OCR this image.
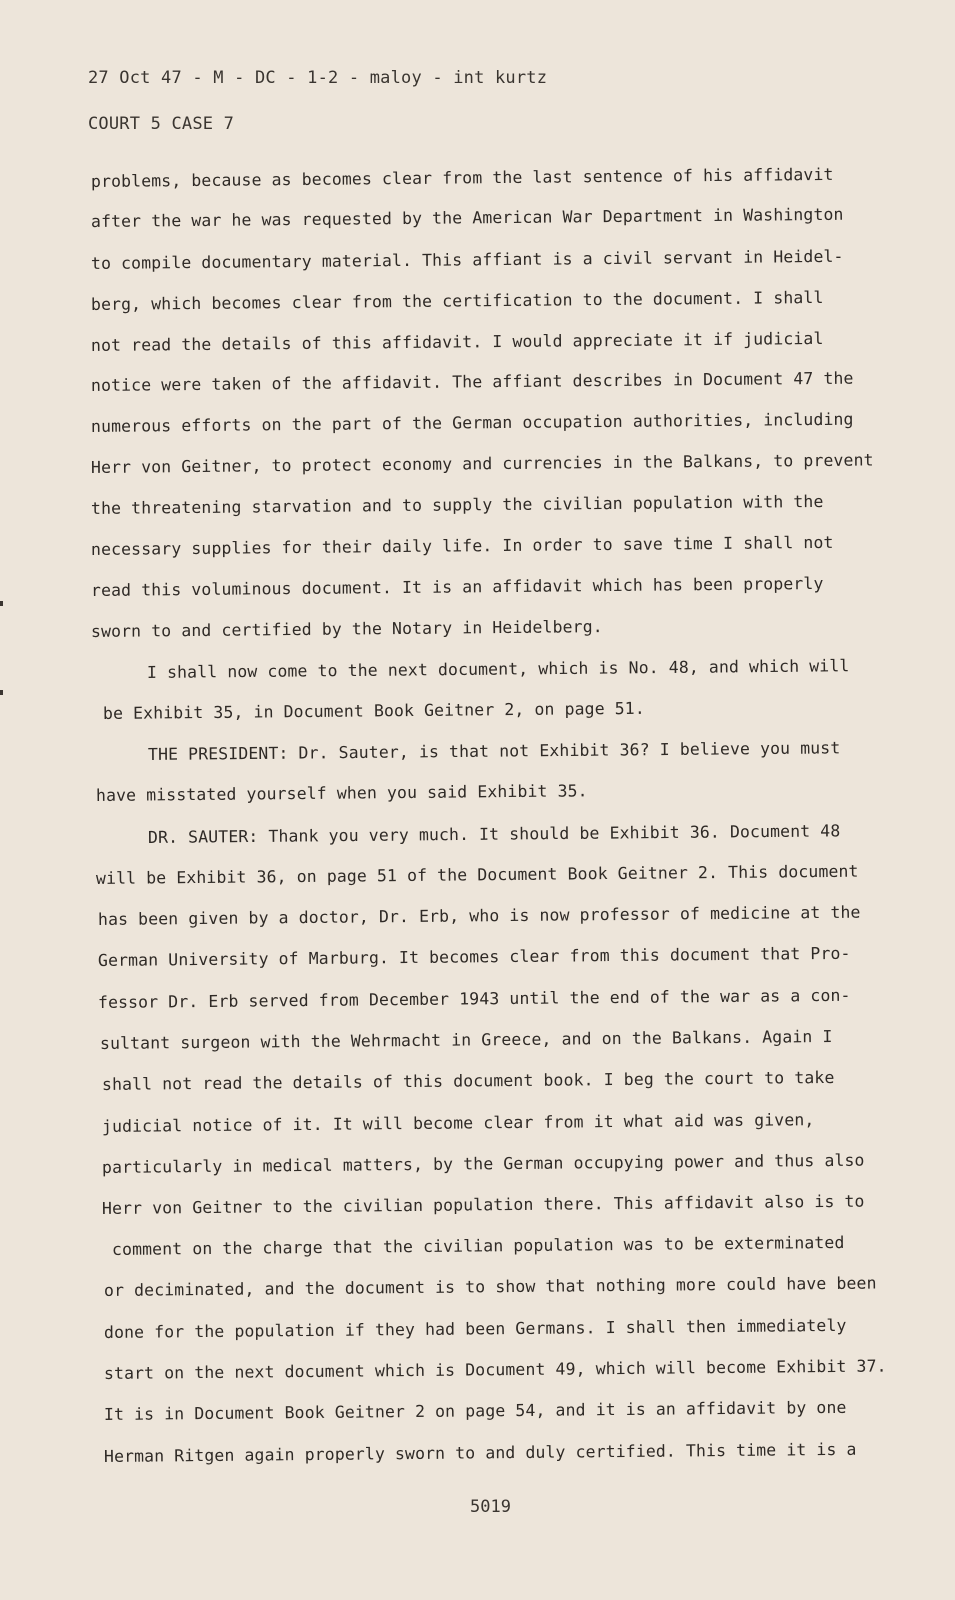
27 Oct 47 - M - DC - 1-2 - maloy - int kurtz
COURT 5 CASE 7
problems, because as becomes clear from the last sentence of his affidavit
after the war he was requested by the American War Department in Washington
to compile documentary material. This affiant is a civil servant in Heidel-
berg, which becomes clear from the certification to the document. I shall
not read the details of this affidavit. I would appreciate it if judicial
notice were taken of the affidavit. The affiant describes in Document 47 the
numerous efforts on the part of the German occupation authorities, including
Herr von Geitner, to protect economy and currencies in the Balkans, to prevent
the threatening starvation and to supply the civilian population with the
necessary supplies for their daily life. In order to save time I shall not
read this voluminous document. It is an affidavit which has been properly
sworn to and certified by the Notary in Heidelberg.
I shall now come to the next document, which is No. 48, and which will
be Exhibit 35, in Document Book Geitner 2, on page 51.
THE PRESIDENT: Dr. Sauter, is that not Exhibit 36? I believe you must
have misstated yourself when you said Exhibit 35.
DR. SAUTER: Thank you very much. It should be Exhibit 36. Document 48
will be Exhibit 36, on page 51 of the Document Book Geitner 2. This document
has been given by a doctor, Dr. Erb, who is now professor of medicine at the
German University of Marburg. It becomes clear from this document that Pro-
fessor Dr. Erb served from December 1943 until the end of the war as a con-
sultant surgeon with the Wehrmacht in Greece, and on the Balkans. Again I
shall not read the details of this document book. I beg the court to take
judicial notice of it. It will become clear from it what aid was given,
particularly in medical matters, by the German occupying power and thus also
Herr von Geitner to the civilian population there. This affidavit also is to
comment on the charge that the civilian population was to be exterminated
or deciminated, and the document is to show that nothing more could have been
done for the population if they had been Germans. I shall then immediately
start on the next document which is Document 49, which will become Exhibit 37.
It is in Document Book Geitner 2 on page 54, and it is an affidavit by one
Herman Ritgen again properly sworn to and duly certified. This time it is a
5019
